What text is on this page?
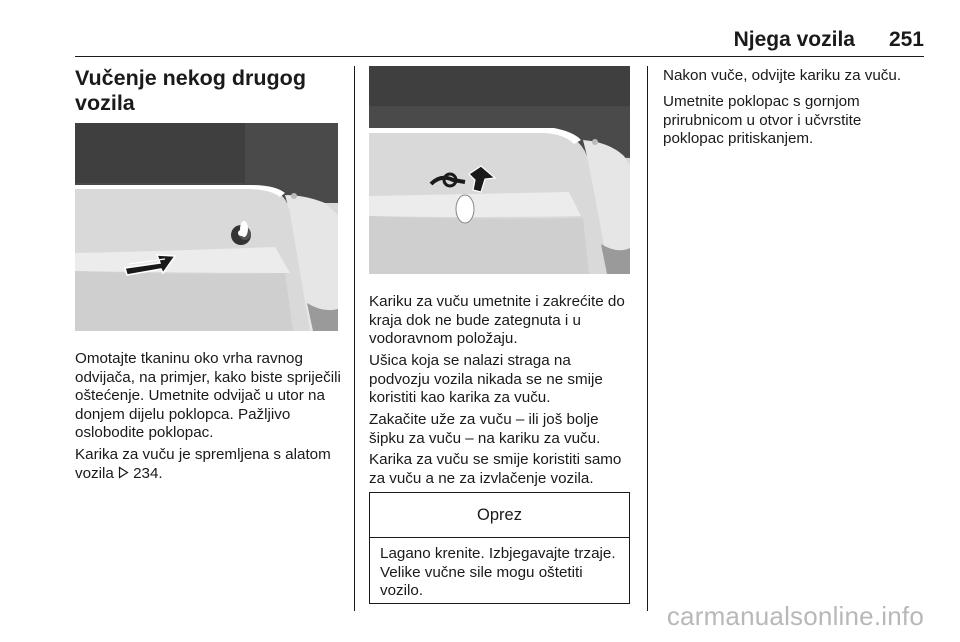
Njega vozila 251
Vučenje nekog drugog vozila

Omotajte tkaninu oko vrha ravnog odvijača, na primjer, kako biste spriječili oštećenje. Umetnite odvijač u utor na donjem dijelu poklopca. Pažljivo oslobodite poklopac.

Karika za vuču je spremljena s alatom vozila 234.

Kariku za vuču umetnite i zakrećite do kraja dok ne bude zategnuta i u vodoravnom položaju.

Ušica koja se nalazi straga na podvozju vozila nikada se ne smije koristiti kao karika za vuču.

Zakačite uže za vuču – ili još bolje šipku za vuču – na kariku za vuču.

Karika za vuču se smije koristiti samo za vuču a ne za izvlačenje vozila.

Oprez

Lagano krenite. Izbjegavajte trzaje. Velike vučne sile mogu oštetiti vozilo.

Nakon vuče, odvijte kariku za vuču.

Umetnite poklopac s gornjom prirubnicom u otvor i učvrstite poklopac pritiskanjem.

carmanualsonline.info
